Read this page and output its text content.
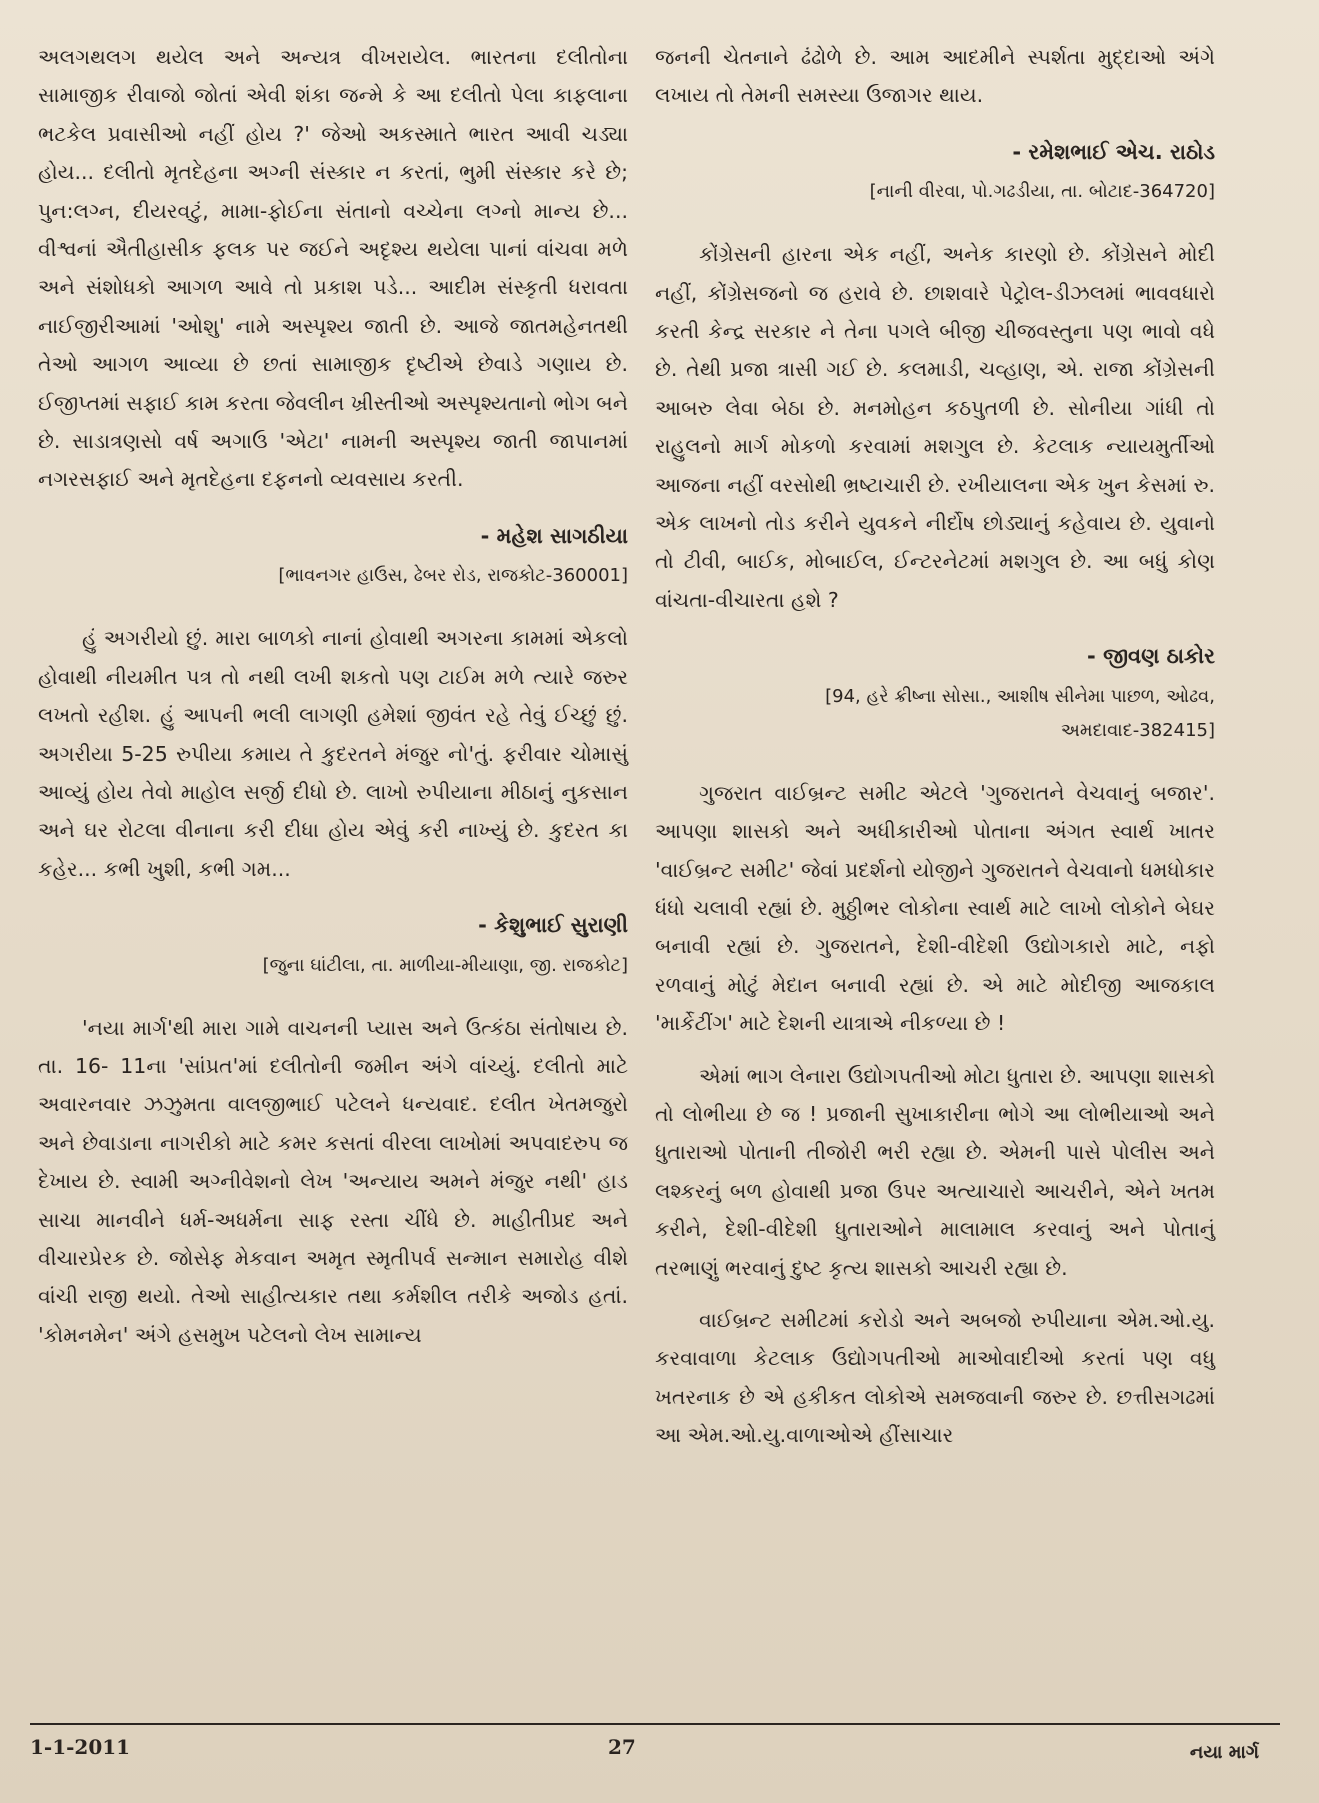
અલગથલગ થયેલ અને અન્યત્ર વીખરાયેલ. ભારતના દલીતોના સામાજીક રીવાજો જોતાં એવી શંકા જન્મે કે આ દલીતો પેલા કાફલાના ભટકેલ પ્રવાસીઓ નહીં હોય ?' જેઓ અકસ્માતે ભારત આવી ચડ્યા હોય... દલીતો મૃતદેહના અગ્ની સંસ્કાર ન કરતાં, ભુમી સંસ્કાર કરે છે; પુન:લગ્ન, દીયરવટું, મામા-ફોઈના સંતાનો વચ્ચેના લગ્નો માન્ય છે... વીશ્વનાં ઐતીહાસીક ફલક પર જઈને અદૃશ્ય થયેલા પાનાં વાંચવા મળે અને સંશોધકો આગળ આવે તો પ્રકાશ પડે... આદીમ સંસ્કૃતી ધરાવતા નાઈજીરીઆમાં 'ઓશુ' નામે અસ્પૃશ્ય જાતી છે. આજે જાતમહેનતથી તેઓ આગળ આવ્યા છે છતાં સામાજીક દૃષ્ટીએ છેવાડે ગણાય છે. ઈજીપ્તમાં સફાઈ કામ કરતા જેવલીન ખ્રીસ્તીઓ અસ્પૃશ્યતાનો ભોગ બને છે. સાડાત્રણસો વર્ષ અગાઉ 'એટા' નામની અસ્પૃશ્ય જાતી જાપાનમાં નગરસફાઈ અને મૃતદેહના દફનનો વ્યવસાય કરતી.

- મહેશ સાગઠીયા
[ભાવનગર હાઉસ, ઢેબર રોડ, રાજકોટ-360001]

હું અગરીયો છું. મારા બાળકો નાનાં હોવાથી અગરના કામમાં એકલો હોવાથી નીયમીત પત્ર તો નથી લખી શકતો પણ ટાઈમ મળે ત્યારે જરુર લખતો રહીશ. હું આપની ભલી લાગણી હમેશાં જીવંત રહે તેવું ઈચ્છું છું. અગરીયા 5-25 રુપીયા કમાય તે કુદરતને મંજુર નો'તું. ફરીવાર ચોમાસું આવ્યું હોય તેવો માહોલ સર્જી દીધો છે. લાખો રુપીયાના મીઠાનું નુકસાન અને ઘર રોટલા વીનાના કરી દીધા હોય એવું કરી નાખ્યું છે. કુદરત કા કહેર... કભી ખુશી, કભી ગમ...

- કેશુભાઈ સુરાણી
[જુના ઘાંટીલા, તા. માળીયા-મીયાણા, જી. રાજકોટ]

'નયા માર્ગ'થી મારા ગામે વાચનની પ્યાસ અને ઉત્કંઠા સંતોષાય છે. તા. 16- 11ના 'સાંપ્રત'માં દલીતોની જમીન અંગે વાંચ્યું. દલીતો માટે અવારનવાર ઝઝુમતા વાલજીભાઈ પટેલને ધન્યવાદ. દલીત ખેતમજુરો અને છેવાડાના નાગરીકો માટે કમર કસતાં વીરલા લાખોમાં અપવાદરુપ જ દેખાય છે. સ્વામી અગ્નીવેશનો લેખ 'અન્યાય અમને મંજુર નથી' હાડ સાચા માનવીને ધર્મ-અધર્મના સાફ રસ્તા ચીંધે છે. માહીતીપ્રદ અને વીચારપ્રેરક છે. જોસેફ મેકવાન અમૃત સ્મૃતીપર્વ સન્માન સમારોહ વીશે વાંચી રાજી થયો. તેઓ સાહીત્યકાર તથા કર્મશીલ તરીકે અજોડ હતાં. 'કોમનમેન' અંગે હસમુખ પટેલનો લેખ સામાન્ય

જનની ચેતનાને ઢંઢોળે છે. આમ આદમીને સ્પર્શતા મુદ્દાઓ અંગે લખાય તો તેમની સમસ્યા ઉજાગર થાય.

- રમેશભાઈ એચ. રાઠોડ
[નાની વીરવા, પો.ગઢડીયા, તા. બોટાદ-364720]

કોંગ્રેસની હારના એક નહીં, અનેક કારણો છે. કોંગ્રેસને મોદી નહીં, કોંગ્રેસજનો જ હરાવે છે. છાશવારે પેટ્રોલ-ડીઝલમાં ભાવવધારો કરતી કેન્દ્ર સરકાર ને તેના પગલે બીજી ચીજવસ્તુના પણ ભાવો વધે છે. તેથી પ્રજા ત્રાસી ગઈ છે. કલમાડી, ચવ્હાણ, એ. રાજા કોંગ્રેસની આબરુ લેવા બેઠા છે. મનમોહન કઠપુતળી છે. સોનીયા ગાંધી તો રાહુલનો માર્ગ મોકળો કરવામાં મશગુલ છે. કેટલાક ન્યાયમુર્તીઓ આજના નહીં વરસોથી ભ્રષ્ટાચારી છે. રખીયાલના એક ખુન કેસમાં રુ. એક લાખનો તોડ કરીને યુવકને નીર્દોષ છોડ્યાનું કહેવાય છે. યુવાનો તો ટીવી, બાઈક, મોબાઈલ, ઈન્ટરનેટમાં મશગુલ છે. આ બધું કોણ વાંચતા-વીચારતા હશે ?

- જીવણ ઠાકોર
[94, હરે ક્રીષ્ના સોસા., આશીષ સીનેમા પાછળ, ઓઢવ,
અમદાવાદ-382415]

ગુજરાત વાઈબ્રન્ટ સમીટ એટલે 'ગુજરાતને વેચવાનું બજાર'. આપણા શાસકો અને અધીકારીઓ પોતાના અંગત સ્વાર્થ ખાતર 'વાઈબ્રન્ટ સમીટ' જેવાં પ્રદર્શનો યોજીને ગુજરાતને વેચવાનો ધમધોકાર ધંધો ચલાવી રહ્યાં છે. મુઠ્ઠીભર લોકોના સ્વાર્થ માટે લાખો લોકોને બેઘર બનાવી રહ્યાં છે. ગુજરાતને, દેશી-વીદેશી ઉદ્યોગકારો માટે, નફો રળવાનું મોટું મેદાન બનાવી રહ્યાં છે. એ માટે મોદીજી આજકાલ 'માર્કેટીંગ' માટે દેશની યાત્રાએ નીકળ્યા છે !

એમાં ભાગ લેનારા ઉદ્યોગપતીઓ મોટા ધુતારા છે. આપણા શાસકો તો લોભીયા છે જ ! પ્રજાની સુખાકારીના ભોગે આ લોભીયાઓ અને ધુતારાઓ પોતાની તીજોરી ભરી રહ્યા છે. એમની પાસે પોલીસ અને લશ્કરનું બળ હોવાથી પ્રજા ઉપર અત્યાચારો આચરીને, એને ખતમ કરીને, દેશી-વીદેશી ધુતારાઓને માલામાલ કરવાનું અને પોતાનું તરભાણું ભરવાનું દુષ્ટ કૃત્ય શાસકો આચરી રહ્યા છે.

વાઈબ્રન્ટ સમીટમાં કરોડો અને અબજો રુપીયાના એમ.ઓ.યુ. કરવાવાળા કેટલાક ઉદ્યોગપતીઓ માઓવાદીઓ કરતાં પણ વધુ ખતરનાક છે એ હકીકત લોકોએ સમજવાની જરુર છે. છત્તીસગઢમાં આ એમ.ઓ.યુ.વાળાઓએ હીંસાચાર

1-1-2011	27	નયા માર્ગ
